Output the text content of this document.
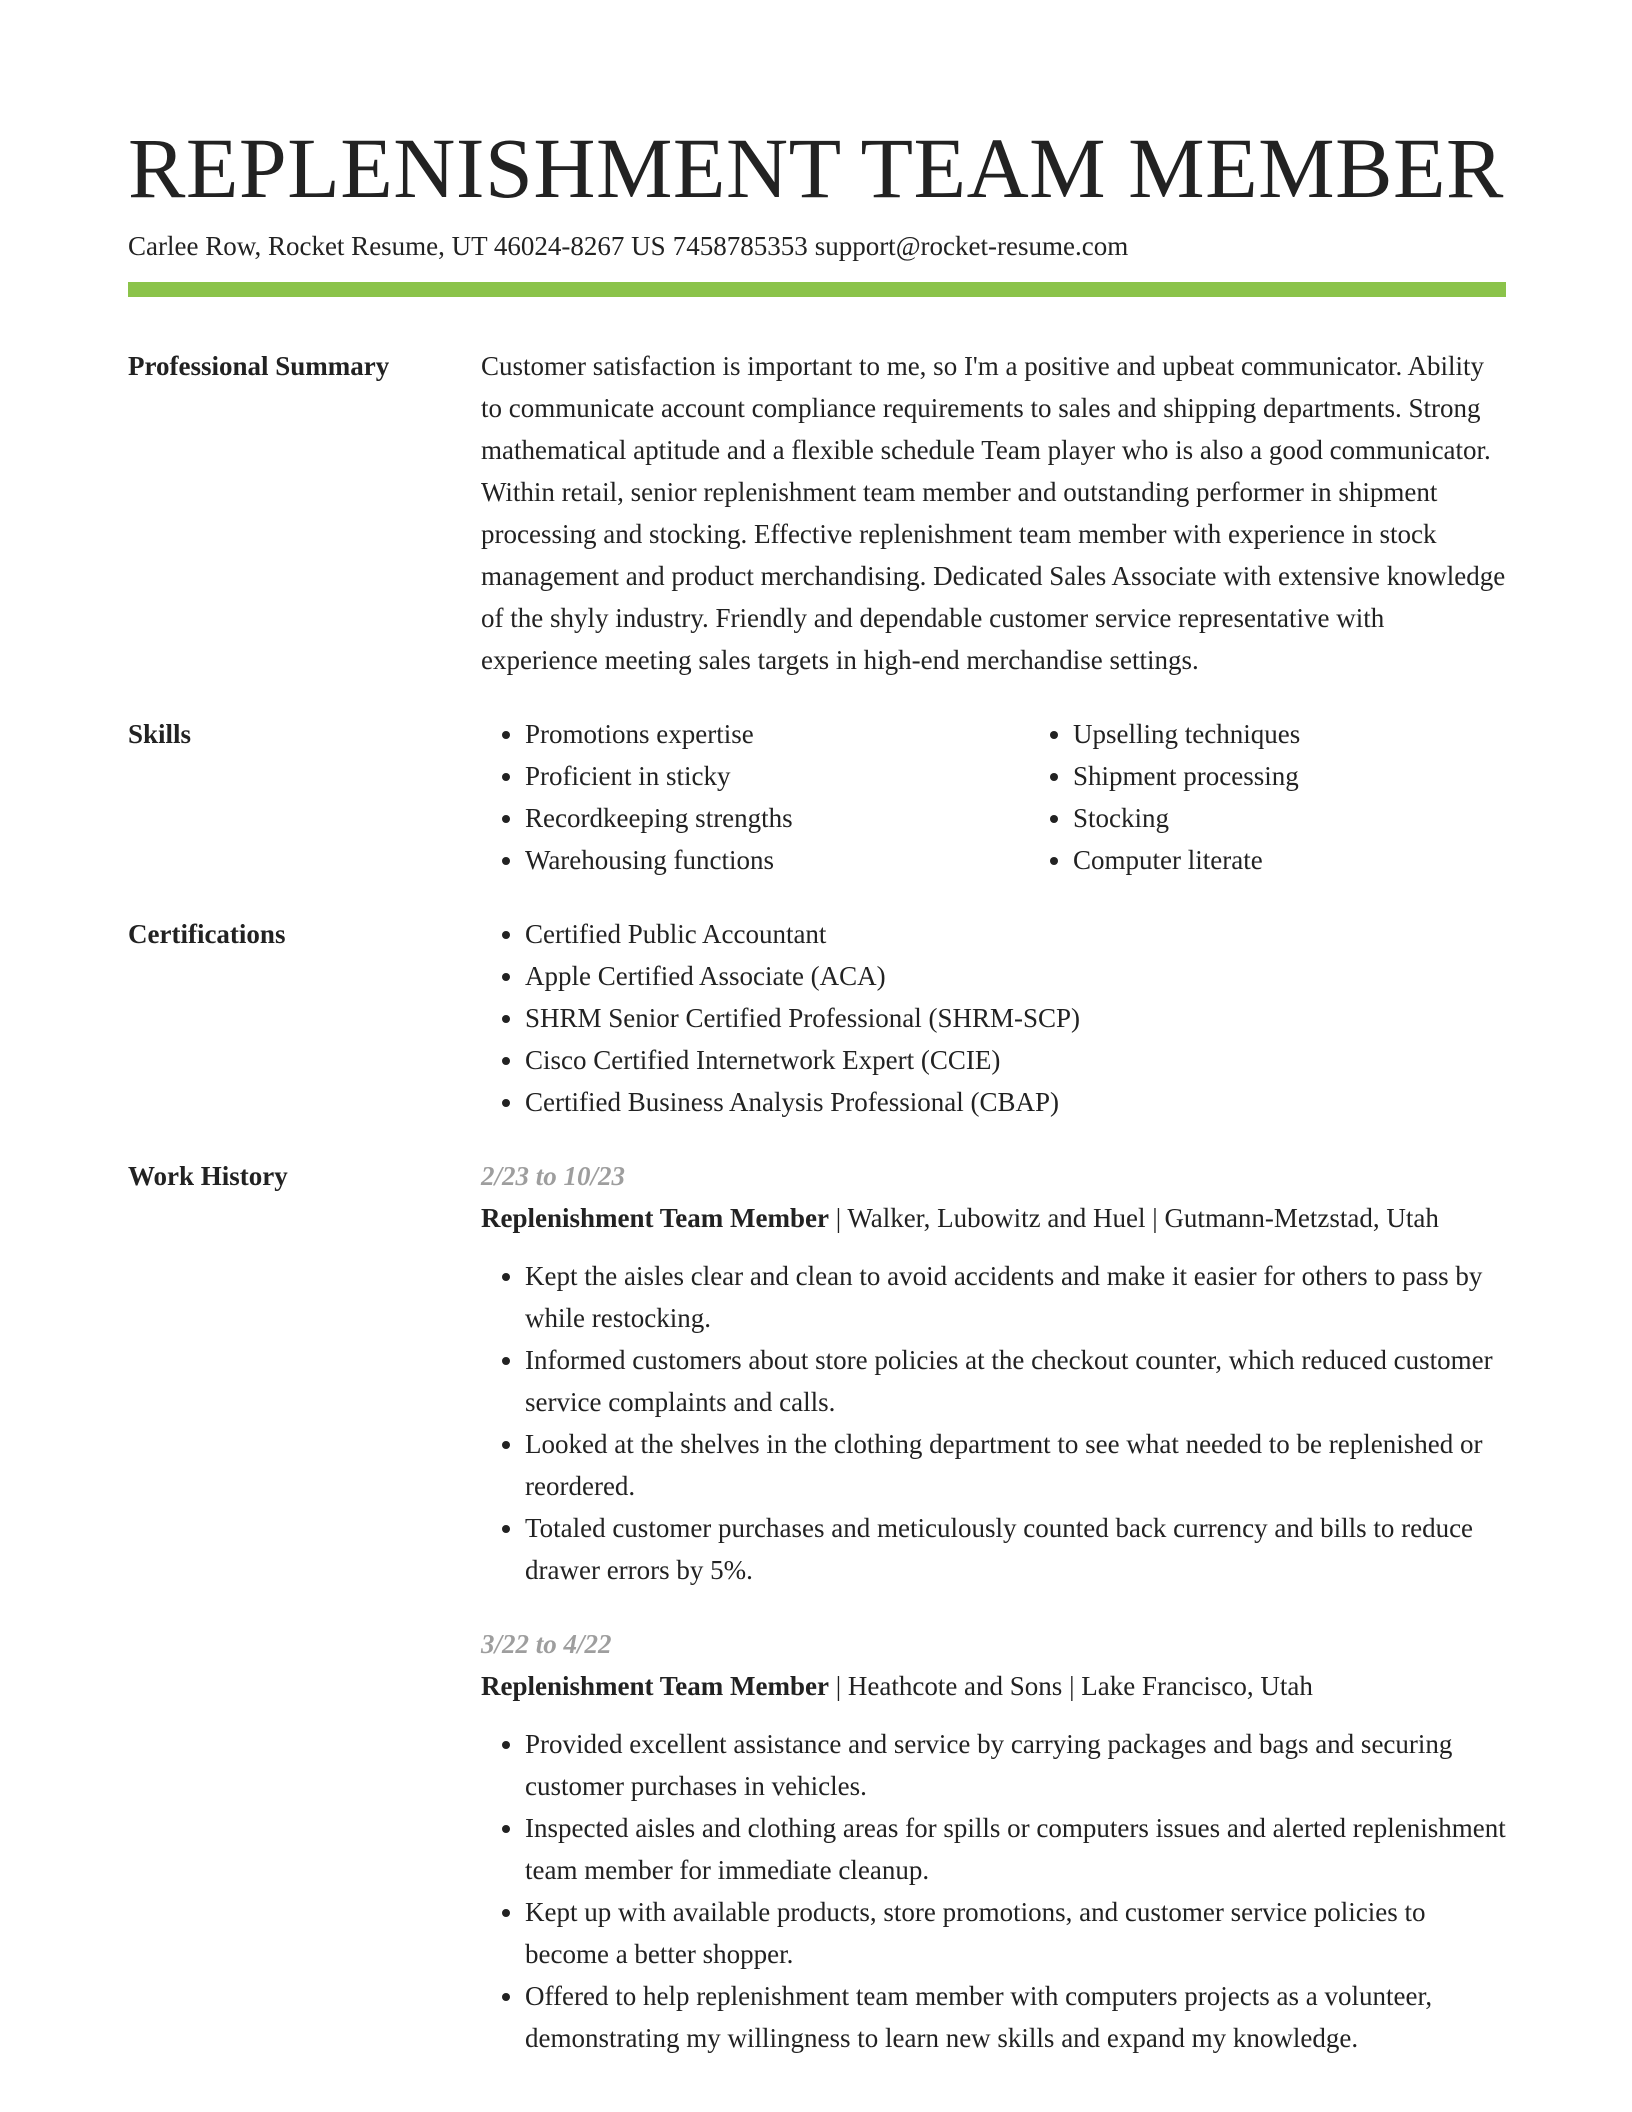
REPLENISHMENT TEAM MEMBER
Carlee Row, Rocket Resume, UT 46024-8267 US 7458785353 support@rocket-resume.com
Professional Summary	Customer satisfaction is important to me, so I'm a positive and upbeat communicator. Ability to communicate account compliance requirements to sales and shipping departments. Strong mathematical aptitude and a flexible schedule Team player who is also a good communicator. Within retail, senior replenishment team member and outstanding performer in shipment processing and stocking. Effective replenishment team member with experience in stock management and product merchandising. Dedicated Sales Associate with extensive knowledge of the shyly industry. Friendly and dependable customer service representative with experience meeting sales targets in high-end merchandise settings.
Skills	• Promotions expertise
• Proficient in sticky
• Recordkeeping strengths
• Warehousing functions
• Upselling techniques
• Shipment processing
• Stocking
• Computer literate
Certifications	• Certified Public Accountant
• Apple Certified Associate (ACA)
• SHRM Senior Certified Professional (SHRM-SCP)
• Cisco Certified Internetwork Expert (CCIE)
• Certified Business Analysis Professional (CBAP)
Work History	2/23 to 10/23
Replenishment Team Member | Walker, Lubowitz and Huel | Gutmann-Metzstad, Utah
• Kept the aisles clear and clean to avoid accidents and make it easier for others to pass by while restocking.
• Informed customers about store policies at the checkout counter, which reduced customer service complaints and calls.
• Looked at the shelves in the clothing department to see what needed to be replenished or reordered.
• Totaled customer purchases and meticulously counted back currency and bills to reduce drawer errors by 5%.
3/22 to 4/22
Replenishment Team Member | Heathcote and Sons | Lake Francisco, Utah
• Provided excellent assistance and service by carrying packages and bags and securing customer purchases in vehicles.
• Inspected aisles and clothing areas for spills or computers issues and alerted replenishment team member for immediate cleanup.
• Kept up with available products, store promotions, and customer service policies to become a better shopper.
• Offered to help replenishment team member with computers projects as a volunteer, demonstrating my willingness to learn new skills and expand my knowledge.
